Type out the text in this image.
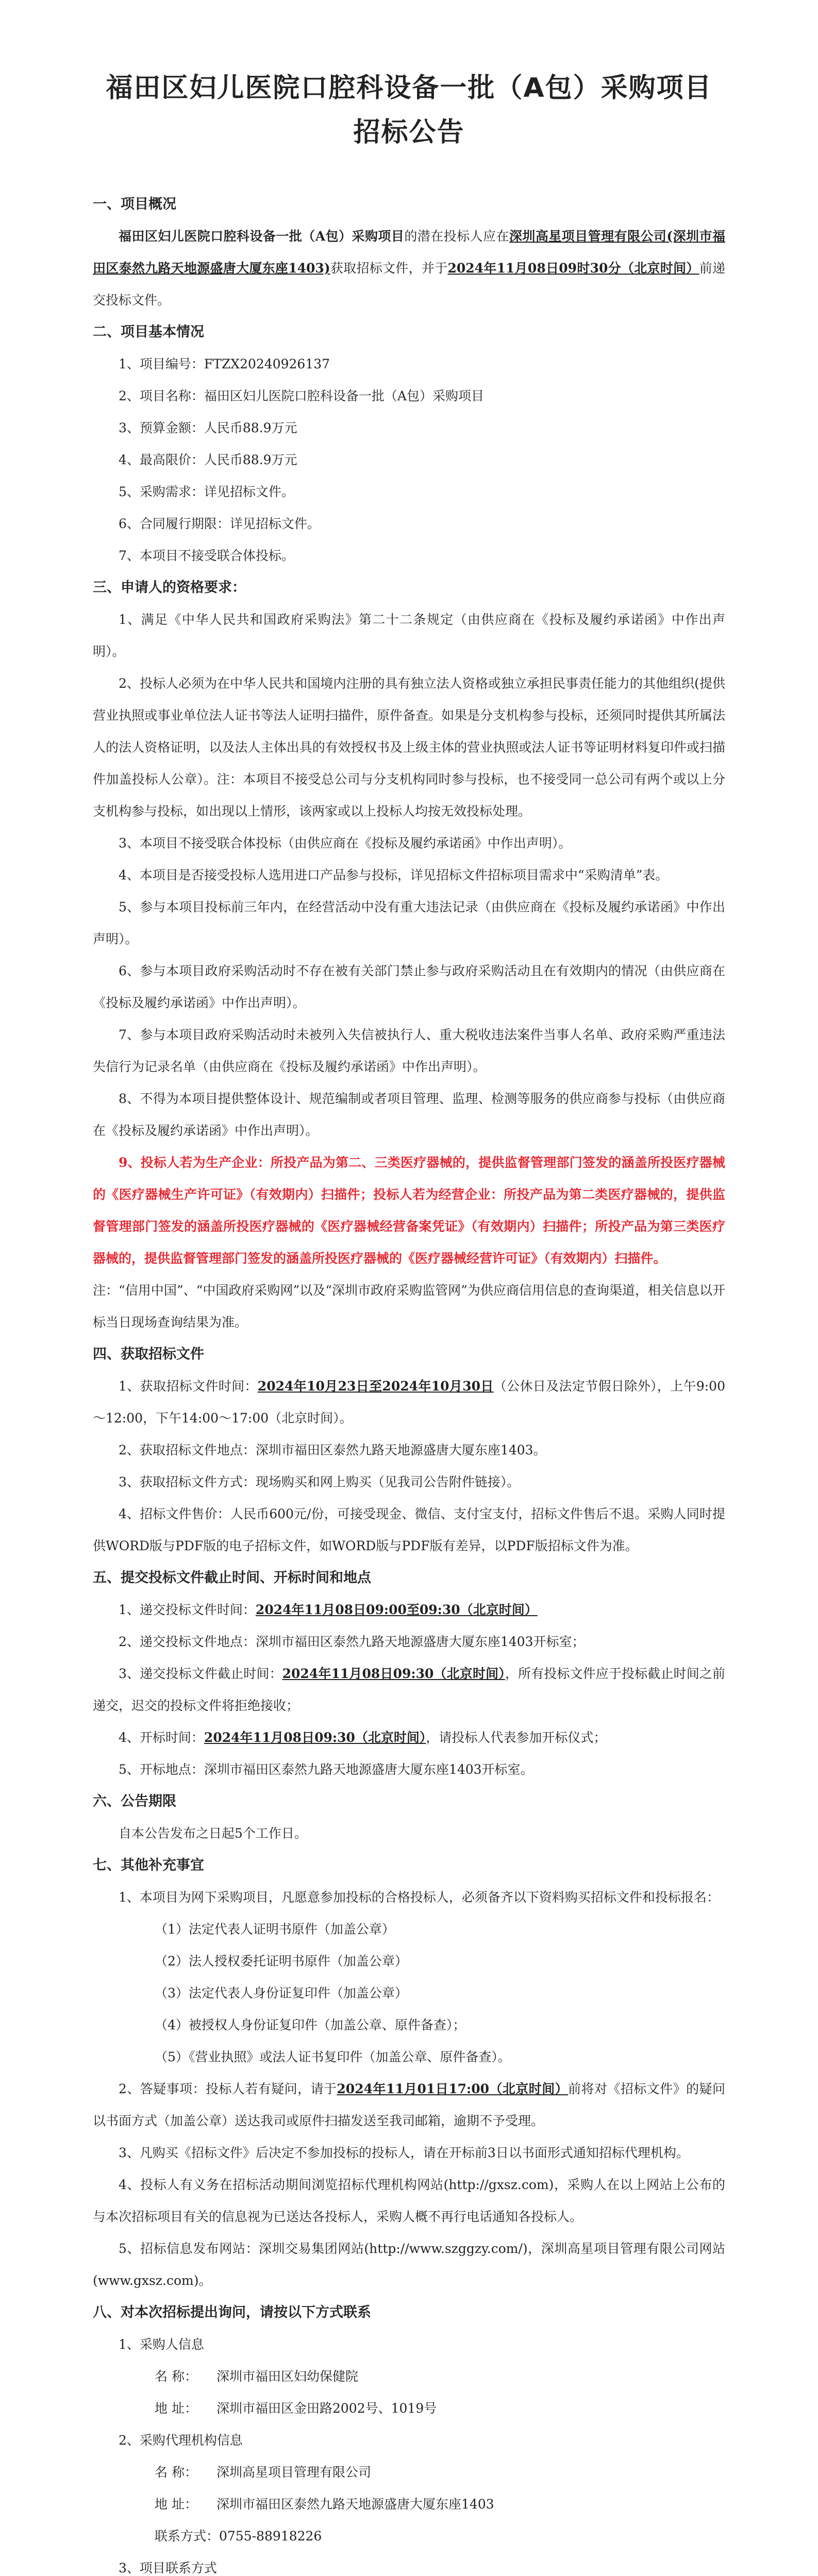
福田区妇儿医院口腔科设备一批（A包）采购项目招标公告
一、项目概况

福田区妇儿医院口腔科设备一批（A包）采购项目的潜在投标人应在深圳高星项目管理有限公司(深圳市福田区泰然九路天地源盛唐大厦东座1403)获取招标文件，并于2024年11月08日09时30分（北京时间）前递交投标文件。

二、项目基本情况

1、项目编号：FTZX20240926137

2、项目名称：福田区妇儿医院口腔科设备一批（A包）采购项目

3、预算金额：人民币88.9万元

4、最高限价：人民币88.9万元

5、采购需求：详见招标文件。

6、合同履行期限：详见招标文件。

7、本项目不接受联合体投标。

三、申请人的资格要求：

1、满足《中华人民共和国政府采购法》第二十二条规定（由供应商在《投标及履约承诺函》中作出声明）。

2、投标人必须为在中华人民共和国境内注册的具有独立法人资格或独立承担民事责任能力的其他组织(提供营业执照或事业单位法人证书等法人证明扫描件，原件备查。如果是分支机构参与投标，还须同时提供其所属法人的法人资格证明，以及法人主体出具的有效授权书及上级主体的营业执照或法人证书等证明材料复印件或扫描件加盖投标人公章）。注：本项目不接受总公司与分支机构同时参与投标，也不接受同一总公司有两个或以上分支机构参与投标，如出现以上情形，该两家或以上投标人均按无效投标处理。

3、本项目不接受联合体投标（由供应商在《投标及履约承诺函》中作出声明）。

4、本项目是否接受投标人选用进口产品参与投标，详见招标文件招标项目需求中“采购清单”表。

5、参与本项目投标前三年内，在经营活动中没有重大违法记录（由供应商在《投标及履约承诺函》中作出声明）。

6、参与本项目政府采购活动时不存在被有关部门禁止参与政府采购活动且在有效期内的情况（由供应商在《投标及履约承诺函》中作出声明）。

7、参与本项目政府采购活动时未被列入失信被执行人、重大税收违法案件当事人名单、政府采购严重违法失信行为记录名单（由供应商在《投标及履约承诺函》中作出声明）。

8、不得为本项目提供整体设计、规范编制或者项目管理、监理、检测等服务的供应商参与投标（由供应商在《投标及履约承诺函》中作出声明）。

9、投标人若为生产企业：所投产品为第二、三类医疗器械的，提供监督管理部门签发的涵盖所投医疗器械的《医疗器械生产许可证》（有效期内）扫描件；投标人若为经营企业：所投产品为第二类医疗器械的，提供监督管理部门签发的涵盖所投医疗器械的《医疗器械经营备案凭证》（有效期内）扫描件；所投产品为第三类医疗器械的，提供监督管理部门签发的涵盖所投医疗器械的《医疗器械经营许可证》（有效期内）扫描件。

注：“信用中国”、“中国政府采购网”以及“深圳市政府采购监管网”为供应商信用信息的查询渠道，相关信息以开标当日现场查询结果为准。

四、获取招标文件

1、获取招标文件时间：2024年10月23日至2024年10月30日（公休日及法定节假日除外），上午9:00～12:00，下午14:00～17:00（北京时间）。

2、获取招标文件地点：深圳市福田区泰然九路天地源盛唐大厦东座1403。

3、获取招标文件方式：现场购买和网上购买（见我司公告附件链接）。

4、招标文件售价：人民币600元/份，可接受现金、微信、支付宝支付，招标文件售后不退。采购人同时提供WORD版与PDF版的电子招标文件，如WORD版与PDF版有差异，以PDF版招标文件为准。

五、提交投标文件截止时间、开标时间和地点

1、递交投标文件时间：2024年11月08日09:00至09:30（北京时间）

2、递交投标文件地点：深圳市福田区泰然九路天地源盛唐大厦东座1403开标室；

3、递交投标文件截止时间：2024年11月08日09:30（北京时间），所有投标文件应于投标截止时间之前递交，迟交的投标文件将拒绝接收；

4、开标时间：2024年11月08日09:30（北京时间），请投标人代表参加开标仪式；

5、开标地点：深圳市福田区泰然九路天地源盛唐大厦东座1403开标室。

六、公告期限

自本公告发布之日起5个工作日。

七、其他补充事宜

1、本项目为网下采购项目，凡愿意参加投标的合格投标人，必须备齐以下资料购买招标文件和投标报名：

（1）法定代表人证明书原件（加盖公章）

（2）法人授权委托证明书原件（加盖公章）

（3）法定代表人身份证复印件（加盖公章）

（4）被授权人身份证复印件（加盖公章、原件备查）；

（5）《营业执照》或法人证书复印件（加盖公章、原件备查）。

2、答疑事项：投标人若有疑问，请于2024年11月01日17:00（北京时间）前将对《招标文件》的疑问以书面方式（加盖公章）送达我司或原件扫描发送至我司邮箱，逾期不予受理。

3、凡购买《招标文件》后决定不参加投标的投标人，请在开标前3日以书面形式通知招标代理机构。

4、投标人有义务在招标活动期间浏览招标代理机构网站(http://gxsz.com)，采购人在以上网站上公布的与本次招标项目有关的信息视为已送达各投标人，采购人概不再行电话通知各投标人。

5、招标信息发布网站：深圳交易集团网站(http://www.szggzy.com/)，深圳高星项目管理有限公司网站(www.gxsz.com)。

八、对本次招标提出询问，请按以下方式联系

1、采购人信息

名 称： 深圳市福田区妇幼保健院

地 址： 深圳市福田区金田路2002号、1019号

2、采购代理机构信息

名 称： 深圳高星项目管理有限公司

地 址： 深圳市福田区泰然九路天地源盛唐大厦东座1403

联系方式：0755-88918226

3、项目联系方式
